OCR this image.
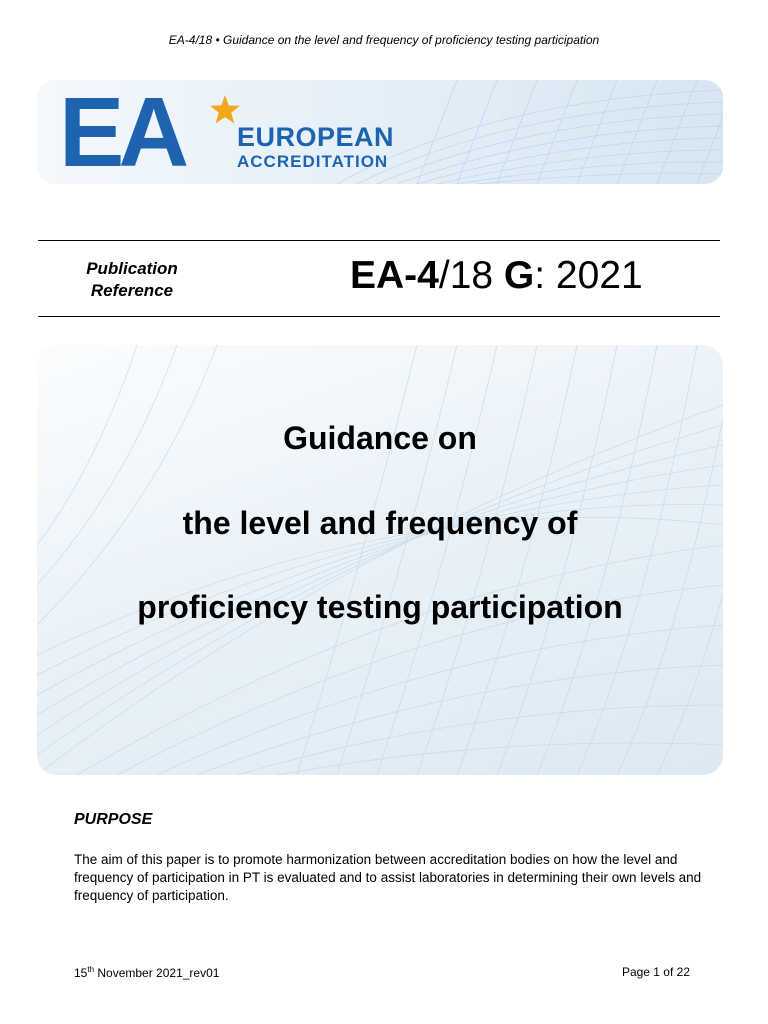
EA-4/18 • Guidance on the level and frequency of proficiency testing participation
EA EUROPEAN
ACCREDITATION
Publication
Reference	EA-4/18 G: 2021
Guidance on
the level and frequency of
proficiency testing participation
PURPOSE
The aim of this paper is to promote harmonization between accreditation bodies on how the level and frequency of participation in PT is evaluated and to assist laboratories in determining their own levels and frequency of participation.
15th November 2021_rev01	Page 1 of 22
